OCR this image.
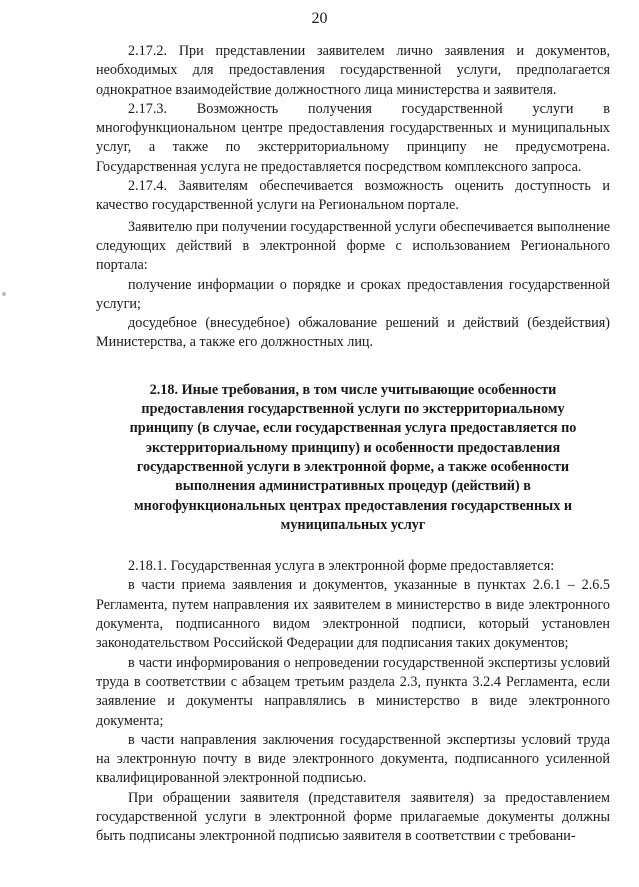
20

2.17.2. При представлении заявителем лично заявления и документов, необходимых для предоставления государственной услуги, предполагается однократное взаимодействие должностного лица министерства и заявителя.

2.17.3. Возможность получения государственной услуги в многофункциональном центре предоставления государственных и муниципальных услуг, а также по экстерриториальному принципу не предусмотрена. Государственная услуга не предоставляется посредством комплексного запроса.

2.17.4. Заявителям обеспечивается возможность оценить доступность и качество государственной услуги на Региональном портале.

Заявителю при получении государственной услуги обеспечивается выполнение следующих действий в электронной форме с использованием Регионального портала:

получение информации о порядке и сроках предоставления государственной услуги;

досудебное (внесудебное) обжалование решений и действий (бездействия) Министерства, а также его должностных лиц.

2.18. Иные требования, в том числе учитывающие особенности предоставления государственной услуги по экстерриториальному принципу (в случае, если государственная услуга предоставляется по экстерриториальному принципу) и особенности предоставления государственной услуги в электронной форме, а также особенности выполнения административных процедур (действий) в многофункциональных центрах предоставления государственных и муниципальных услуг

2.18.1. Государственная услуга в электронной форме предоставляется:

в части приема заявления и документов, указанные в пунктах 2.6.1 – 2.6.5 Регламента, путем направления их заявителем в министерство в виде электронного документа, подписанного видом электронной подписи, который установлен законодательством Российской Федерации для подписания таких документов;

в части информирования о непроведении государственной экспертизы условий труда в соответствии с абзацем третьим раздела 2.3, пункта 3.2.4 Регламента, если заявление и документы направлялись в министерство в виде электронного документа;

в части направления заключения государственной экспертизы условий труда на электронную почту в виде электронного документа, подписанного усиленной квалифицированной электронной подписью.

При обращении заявителя (представителя заявителя) за предоставлением государственной услуги в электронной форме прилагаемые документы должны быть подписаны электронной подписью заявителя в соответствии с требовани-
